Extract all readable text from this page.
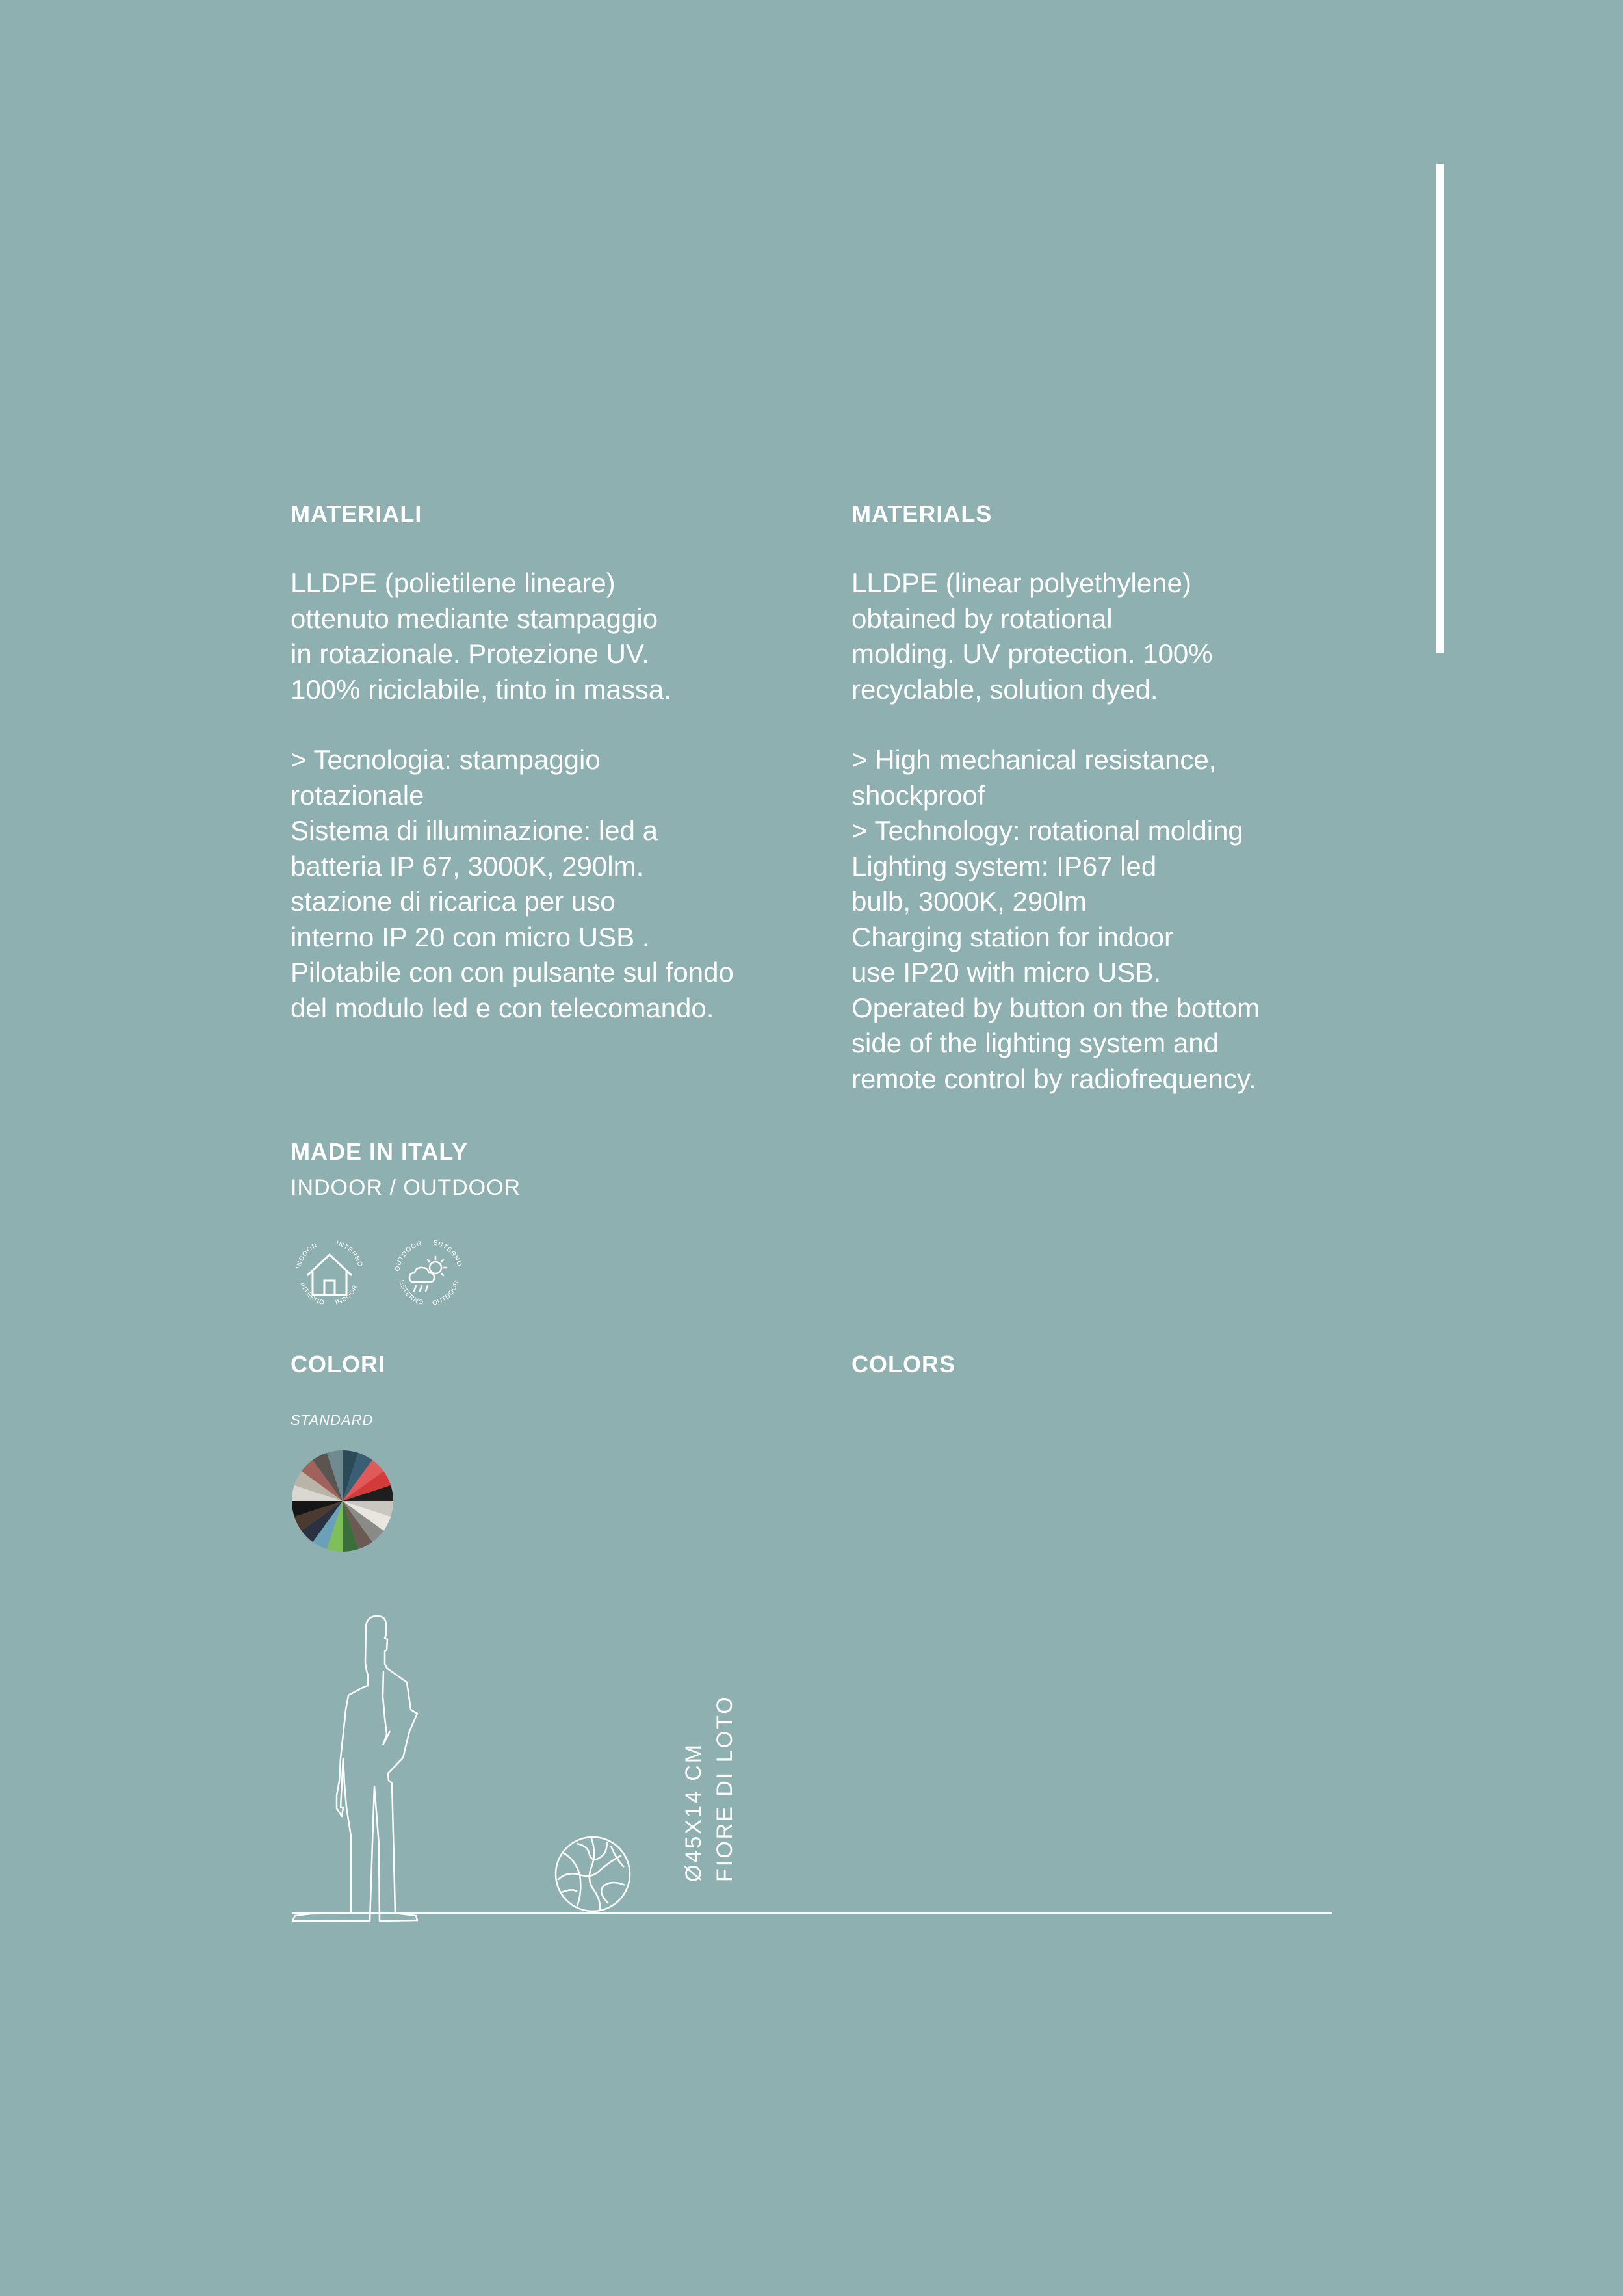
MATERIALI

LLDPE (polietilene lineare)

ottenuto mediante stampaggio

in rotazionale. Protezione UV.

100% riciclabile, tinto in massa.

> Tecnologia: stampaggio

rotazionale

Sistema di illuminazione: led a

batteria IP 67, 3000K, 290lm.

stazione di ricarica per uso

interno IP 20 con micro USB .

Pilotabile con con pulsante sul fondo

del modulo led e con telecomando.

MADE IN ITALY

INDOOR / OUTDOOR

INDOOR	INTERNO
INTERNO INDOOR
OUTDOOR ESTERNO
ESTERNO OUTDOOR
COLORI

STANDARD

MATERIALS

LLDPE (linear polyethylene)

obtained by rotational

molding. UV protection. 100%

recyclable, solution dyed.

> High mechanical resistance,

shockproof

> Technology: rotational molding

Lighting system: IP67 led

bulb, 3000K, 290lm

Charging station for indoor

use IP20 with micro USB.

Operated by button on the bottom

side of the lighting system and

remote control by radiofrequency.

COLORS
Ø45X14 CM FIORE DI LOTO
